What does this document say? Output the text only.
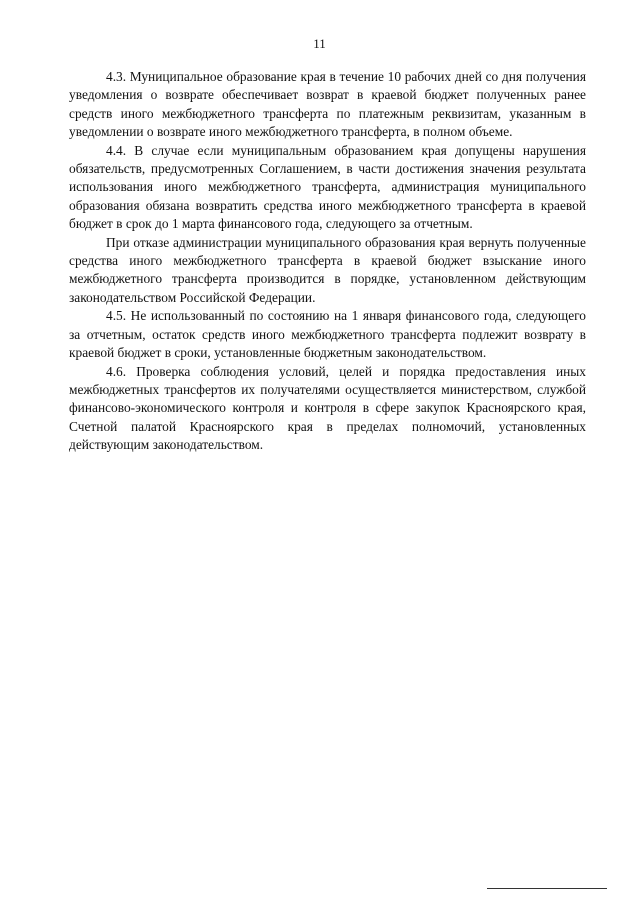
11

4.3. Муниципальное образование края в течение 10 рабочих дней со дня получения уведомления о возврате обеспечивает возврат в краевой бюджет полученных ранее средств иного межбюджетного трансферта по платежным реквизитам, указанным в уведомлении о возврате иного межбюджетного трансферта, в полном объеме.

4.4. В случае если муниципальным образованием края допущены нарушения обязательств, предусмотренных Соглашением, в части достижения значения результата использования иного межбюджетного трансферта, администрация муниципального образования обязана возвратить средства иного межбюджетного трансферта в краевой бюджет в срок до 1 марта финансового года, следующего за отчетным.

При отказе администрации муниципального образования края вернуть полученные средства иного межбюджетного трансферта в краевой бюджет взыскание иного межбюджетного трансферта производится в порядке, установленном действующим законодательством Российской Федерации.

4.5. Не использованный по состоянию на 1 января финансового года, следующего за отчетным, остаток средств иного межбюджетного трансферта подлежит возврату в краевой бюджет в сроки, установленные бюджетным законодательством.

4.6. Проверка соблюдения условий, целей и порядка предоставления иных межбюджетных трансфертов их получателями осуществляется министерством, службой финансово-экономического контроля и контроля в сфере закупок Красноярского края, Счетной палатой Красноярского края в пределах полномочий, установленных действующим законодательством.
